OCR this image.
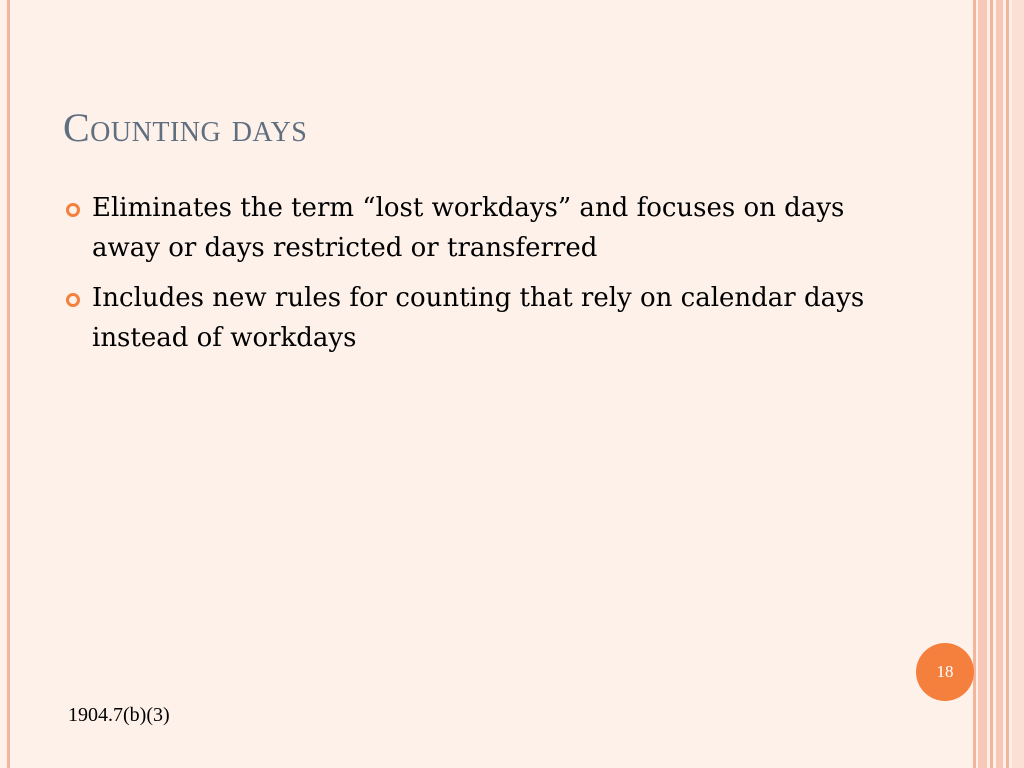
Counting days
Eliminates the term “lost workdays” and focuses on days away or days restricted or transferred
Includes new rules for counting that rely on calendar days instead of workdays
1904.7(b)(3)
18
